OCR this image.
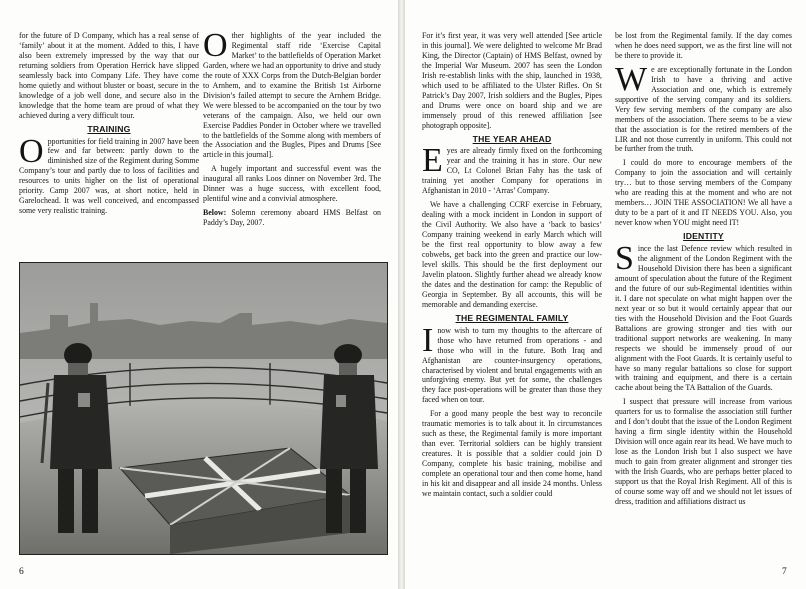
for the future of D Company, which has a real sense of ‘family’ about it at the moment. Added to this, I have also been extremely impressed by the way that our returning soldiers from Operation Herrick have slipped seamlessly back into Company Life. They have come home quietly and without bluster or boast, secure in the knowledge of a job well done, and secure also in the knowledge that the home team are proud of what they achieved during a very difficult tour.

TRAINING

Opportunities for field training in 2007 have been few and far between: partly down to the diminished size of the Regiment during Somme Company’s tour and partly due to loss of facilities and resources to units higher on the list of operational priority. Camp 2007 was, at short notice, held in Garelochead. It was well conceived, and encompassed some very realistic training.

Other highlights of the year included the Regimental staff ride ‘Exercise Capital Market’ to the battlefields of Operation Market Garden, where we had an opportunity to drive and study the route of XXX Corps from the Dutch-Belgian border to Arnhem, and to examine the British 1st Airborne Division’s failed attempt to secure the Arnhem Bridge. We were blessed to be accompanied on the tour by two veterans of the campaign. Also, we held our own Exercise Paddies Ponder in October where we travelled to the battlefields of the Somme along with members of the Association and the Bugles, Pipes and Drums [See article in this journal].

A hugely important and successful event was the inaugural all ranks Loos dinner on November 3rd. The Dinner was a huge success, with excellent food, plentiful wine and a convivial atmosphere.

Below: Solemn ceremony aboard HMS Belfast on Paddy’s Day, 2007.

6

For it’s first year, it was very well attended [See article in this journal]. We were delighted to welcome Mr Brad King, the Director (Captain) of HMS Belfast, owned by the Imperial War Museum. 2007 has seen the London Irish re-establish links with the ship, launched in 1938, which used to be affiliated to the Ulster Rifles. On St Patrick’s Day 2007, Irish soldiers and the Bugles, Pipes and Drums were once on board ship and we are immensely proud of this renewed affiliation [see photograph opposite].

THE YEAR AHEAD

Eyes are already firmly fixed on the forthcoming year and the training it has in store. Our new CO, Lt Colonel Brian Fahy has the task of training yet another Company for operations in Afghanistan in 2010 - ‘Arras’ Company.

We have a challenging CCRF exercise in February, dealing with a mock incident in London in support of the Civil Authority. We also have a ‘back to basics’ Company training weekend in early March which will be the first real opportunity to blow away a few cobwebs, get back into the green and practice our low-level skills. This should be the first deployment our Javelin platoon. Slightly further ahead we already know the dates and the destination for camp: the Republic of Georgia in September. By all accounts, this will be memorable and demanding exercise.

THE REGIMENTAL FAMILY

Inow wish to turn my thoughts to the aftercare of those who have returned from operations - and those who will in the future. Both Iraq and Afghanistan are counter-insurgency operations, characterised by violent and brutal engagements with an unforgiving enemy. But yet for some, the challenges they face post-operations will be greater than those they faced when on tour.

For a good many people the best way to reconcile traumatic memories is to talk about it. In circumstances such as these, the Regimental family is more important than ever. Territorial soldiers can be highly transient creatures. It is possible that a soldier could join D Company, complete his basic training, mobilise and complete an operational tour and then come home, hand in his kit and disappear and all inside 24 months. Unless we maintain contact, such a soldier could

be lost from the Regimental family. If the day comes when he does need support, we as the first line will not be there to provide it.

We are exceptionally fortunate in the London Irish to have a thriving and active Association and one, which is extremely supportive of the serving company and its soldiers. Very few serving members of the company are also members of the association. There seems to be a view that the association is for the retired members of the LIR and not those currently in uniform. This could not be further from the truth.

I could do more to encourage members of the Company to join the association and will certainly try… but to those serving members of the Company who are reading this at the moment and who are not members… JOIN THE ASSOCIATION! We all have a duty to be a part of it and IT NEEDS YOU. Also, you never know when YOU might need IT!

IDENTITY

Since the last Defence review which resulted in the alignment of the London Regiment with the Household Division there has been a significant amount of speculation about the future of the Regiment and the future of our sub-Regimental identities within it. I dare not speculate on what might happen over the next year or so but it would certainly appear that our ties with the Household Division and the Foot Guards Battalions are growing stronger and ties with our traditional support networks are weakening. In many respects we should be immensely proud of our alignment with the Foot Guards. It is certainly useful to have so many regular battalions so close for support with training and equipment, and there is a certain cache about being the TA Battalion of the Guards.

I suspect that pressure will increase from various quarters for us to formalise the association still further and I don’t doubt that the issue of the London Regiment having a firm single identity within the Household Division will once again rear its head. We have much to lose as the London Irish but I also suspect we have much to gain from greater alignment and stronger ties with the Irish Guards, who are perhaps better placed to support us that the Royal Irish Regiment. All of this is of course some way off and we should not let issues of dress, tradition and affiliations distract us

7
